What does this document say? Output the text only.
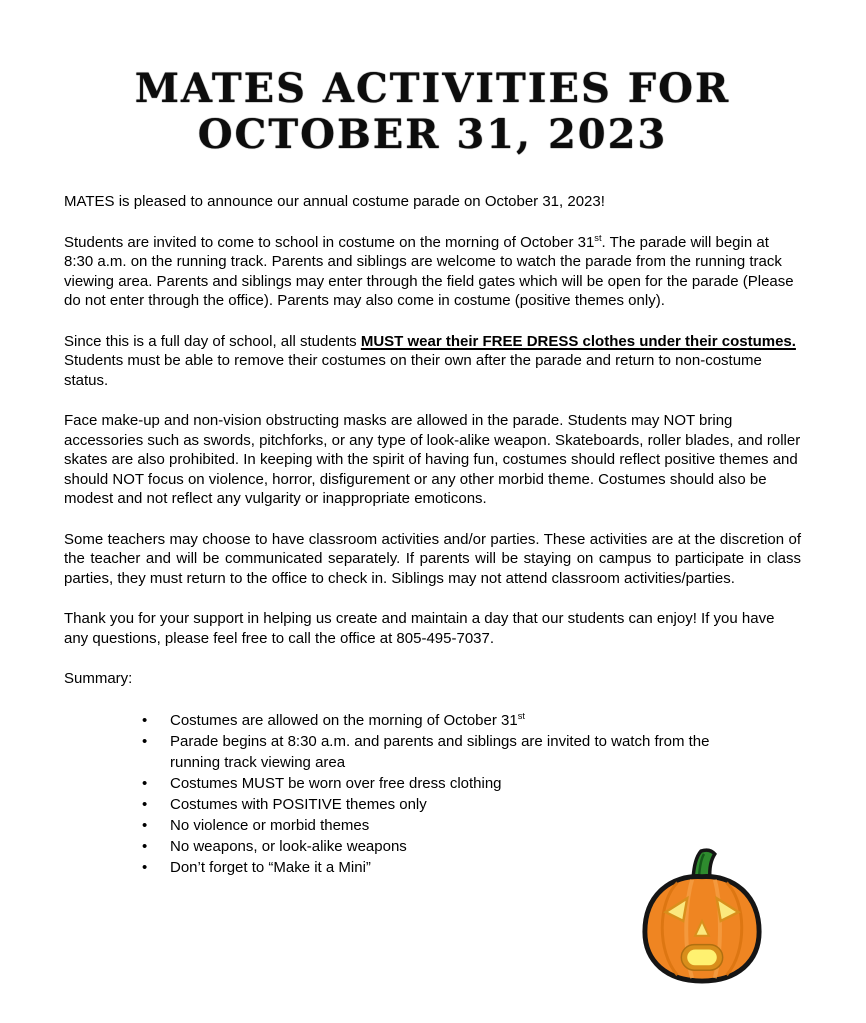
MATES ACTIVITIES FOR
OCTOBER 31, 2023

MATES is pleased to announce our annual costume parade on October 31, 2023!

Students are invited to come to school in costume on the morning of October 31st. The parade will begin at 8:30 a.m. on the running track. Parents and siblings are welcome to watch the parade from the running track viewing area. Parents and siblings may enter through the field gates which will be open for the parade (Please do not enter through the office). Parents may also come in costume (positive themes only).

Since this is a full day of school, all students MUST wear their FREE DRESS clothes under their costumes. Students must be able to remove their costumes on their own after the parade and return to non-costume status.

Face make-up and non-vision obstructing masks are allowed in the parade. Students may NOT bring accessories such as swords, pitchforks, or any type of look-alike weapon. Skateboards, roller blades, and roller skates are also prohibited. In keeping with the spirit of having fun, costumes should reflect positive themes and should NOT focus on violence, horror, disfigurement or any other morbid theme. Costumes should also be modest and not reflect any vulgarity or inappropriate emoticons.

Some teachers may choose to have classroom activities and/or parties. These activities are at the discretion of the teacher and will be communicated separately. If parents will be staying on campus to participate in class parties, they must return to the office to check in. Siblings may not attend classroom activities/parties.

Thank you for your support in helping us create and maintain a day that our students can enjoy! If you have any questions, please feel free to call the office at 805-495-7037.

Summary:

• Costumes are allowed on the morning of October 31st
• Parade begins at 8:30 a.m. and parents and siblings are invited to watch from the running track viewing area
• Costumes MUST be worn over free dress clothing
• Costumes with POSITIVE themes only
• No violence or morbid themes
• No weapons, or look-alike weapons
• Don’t forget to “Make it a Mini”
